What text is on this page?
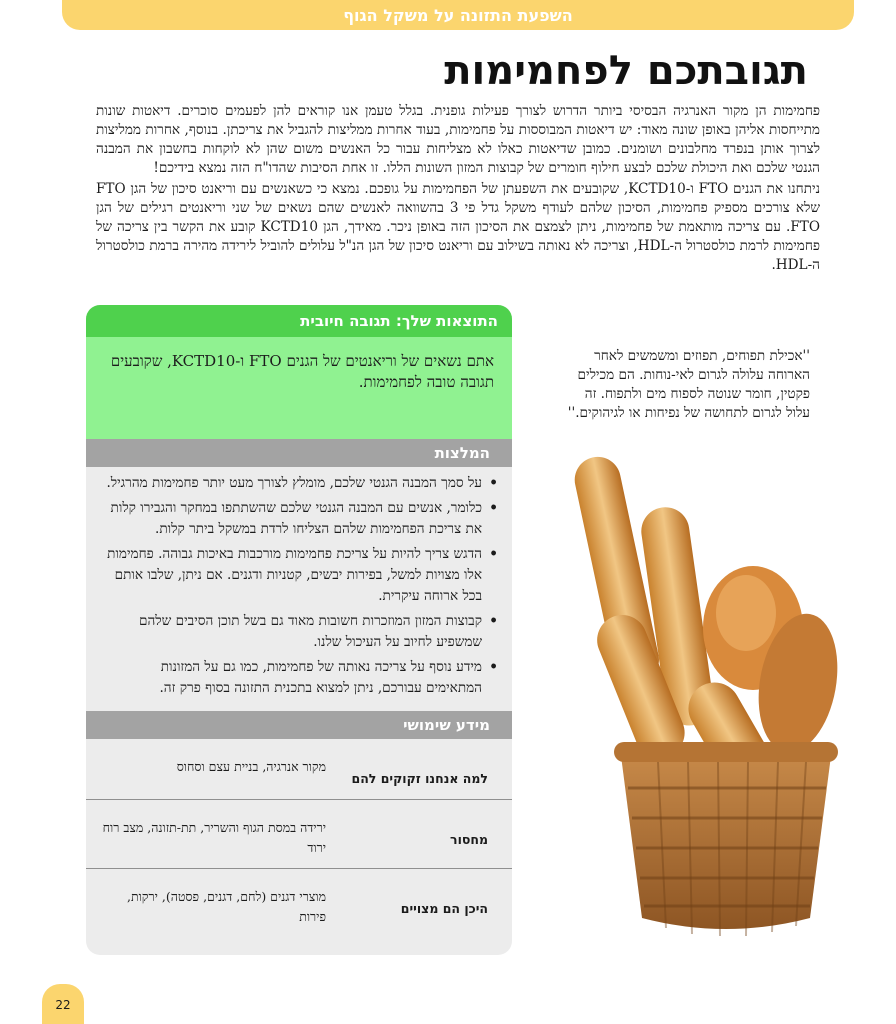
השפעת התזונה על משקל הגוף
תגובתכם לפחמימות

פחמימות הן מקור האנרגיה הבסיסי ביותר הדרוש לצורך פעילות גופנית. בגלל טעמן אנו קוראים להן לפעמים סוכרים. דיאטות שונות מתייחסות אליהן באופן שונה מאוד: יש דיאטות המבוססות על פחמימות, בעוד אחרות ממליצות להגביל את צריכתן. בנוסף, אחרות ממליצות לצרוך אותן בנפרד מחלבונים ושומנים. כמובן שדיאטות כאלו לא מצליחות עבור כל האנשים משום שהן לא לוקחות בחשבון את המבנה הגנטי שלכם ואת היכולת שלכם לבצע חילוף חומרים של קבוצות המזון השונות הללו. זו אחת הסיבות שהדו"ח הזה נמצא בידיכם!

ניתחנו את הגנים FTO ו-KCTD10, שקובעים את השפעתן של הפחמימות על גופכם. נמצא כי כשאנשים עם וריאנט סיכון של הגן FTO שלא צורכים מספיק פחמימות, הסיכון שלהם לעודף משקל גדל פי 3 בהשוואה לאנשים שהם נשאים של שני וריאנטים רגילים של הגן FTO. עם צריכה מותאמת של פחמימות, ניתן לצמצם את הסיכון הזה באופן ניכר. מאידך, הגן KCTD10 קובע את הקשר בין צריכה של פחמימות לרמת כולסטרול ה-HDL, וצריכה לא נאותה בשילוב עם וריאנט סיכון של הגן הנ"ל עלולים להוביל לירידה מהירה ברמת כולסטרול ה-HDL.

התוצאות שלך: תגובה חיובית
אתם נשאים של וריאנטים של הגנים FTO ו-KCTD10, שקובעים תגובה טובה לפחמימות.
המלצות
• על סמך המבנה הגנטי שלכם, מומלץ לצורך מעט יותר פחמימות מהרגיל.
• כלומר, אנשים עם המבנה הגנטי שלכם שהשתתפו במחקר והגבירו קלות את צריכת הפחמימות שלהם הצליחו לרדת במשקל ביתר קלות.
• הדגש צריך להיות על צריכת פחמימות מורכבות באיכות גבוהה. פחמימות אלו מצויות למשל, בפירות יבשים, קטניות ודגנים. אם ניתן, שלבו אותם בכל ארוחה עיקרית.
• קבוצות המזון המוזכרות חשובות מאוד גם בשל תוכן הסיבים שלהם שמשפיע לחיוב על העיכול שלנו.
• מידע נוסף על צריכה נאותה של פחמימות, כמו גם על המזונות המתאימים עבורכם, ניתן למצוא בתכנית התזונה בסוף פרק זה.
מידע שימושי
למה אנחנו זקוקים להם	מקור אנרגיה, בניית עצם וסחוס
מחסור	ירידה במסת הגוף והשריר, תת-תזונה, מצב רוח ירוד
היכן הם מצויים	מוצרי דגנים (לחם, דגנים, פסטה), ירקות, פירות
''אכילת תפוחים, תפוזים ומשמשים לאחר הארוחה עלולה לגרום לאי-נוחות. הם מכילים פקטין, חומר שנוטה לספוח מים ולתפוח. זה עלול לגרום לתחושה של נפיחות או לגיהוקים.''
22
